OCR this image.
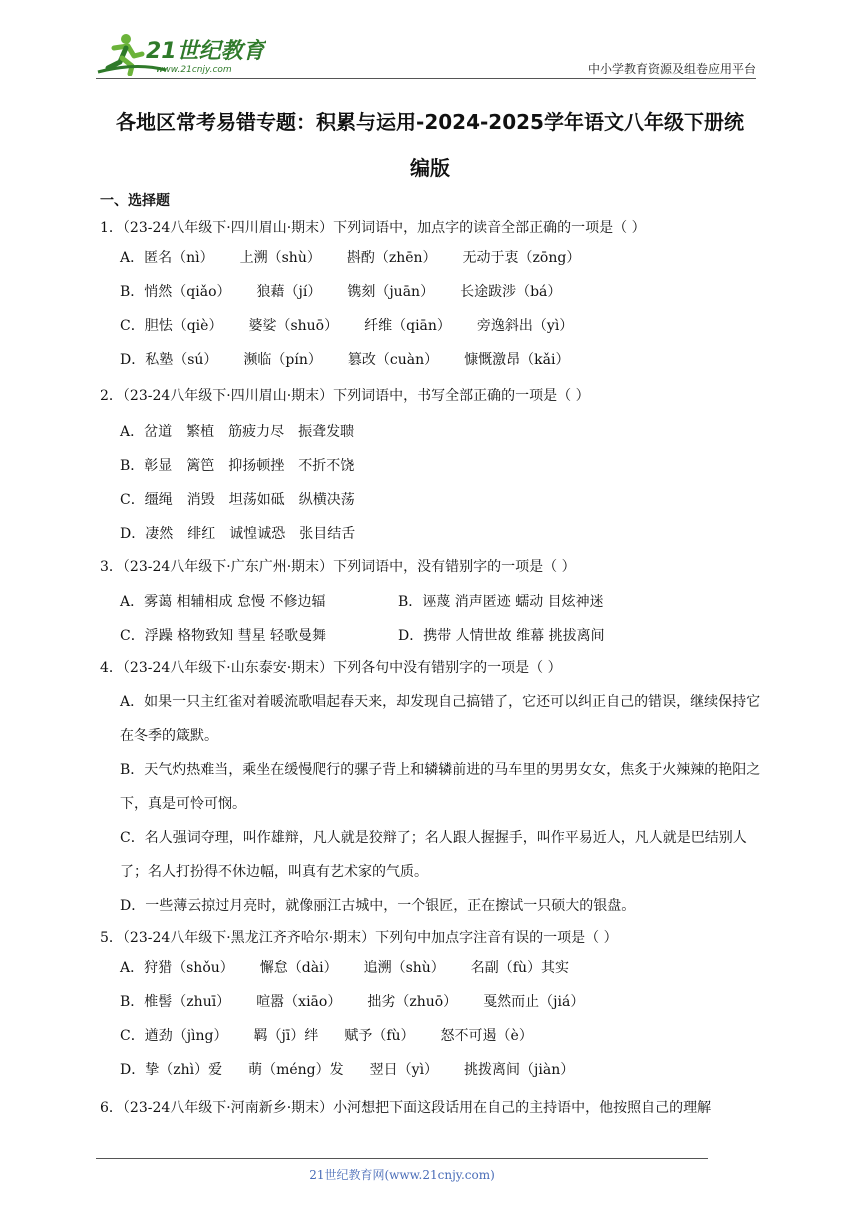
21世纪教育
www.21cnjy.com	中小学教育资源及组卷应用平台
各地区常考易错专题：积累与运用-2024-2025学年语文八年级下册统
编版
一、选择题
1．（23-24八年级下·四川眉山·期末）下列词语中，加点字的读音全部正确的一项是（ ）
A．匿名（nì） 上溯（shù） 斟酌（zhēn） 无动于衷（zōng）
B．悄然（qiǎo） 狼藉（jí） 镌刻（juān） 长途跋涉（bá）
C．胆怯（qiè） 婆娑（shuō） 纤维（qiān） 旁逸斜出（yì）
D．私塾（sú） 濒临（pín） 篡改（cuàn） 慷慨激昂（kǎi）
2．（23-24八年级下·四川眉山·期末）下列词语中，书写全部正确的一项是（ ）
A．岔道　繁植　筋疲力尽　振聋发聩
B．彰显　篱笆　抑扬顿挫　不折不饶
C．缰绳　消毁　坦荡如砥　纵横决荡
D．凄然　绯红　诚惶诚恐　张目结舌
3．（23-24八年级下·广东广州·期末）下列词语中，没有错别字的一项是（ ）
A．雾蔼 相辅相成 怠慢 不修边辐	B．诬蔑 消声匿迹 蠕动 目炫神迷
C．浮躁 格物致知 彗星 轻歌曼舞	D．携带 人情世故 维幕 挑拔离间
4．（23-24八年级下·山东泰安·期末）下列各句中没有错别字的一项是（ ）
A．如果一只主红雀对着暖流歌唱起春天来，却发现自己搞错了，它还可以纠正自己的错误，继续保持它在冬季的箴默。
B．天气灼热难当，乘坐在缓慢爬行的骡子背上和辚辚前进的马车里的男男女女，焦炙于火辣辣的艳阳之下，真是可怜可悯。
C．名人强词夺理，叫作雄辩，凡人就是狡辩了；名人跟人握握手，叫作平易近人，凡人就是巴结别人了；名人打扮得不休边幅，叫真有艺术家的气质。
D．一些薄云掠过月亮时，就像丽江古城中，一个银匠，正在擦试一只硕大的银盘。
5．（23-24八年级下·黑龙江齐齐哈尔·期末）下列句中加点字注音有误的一项是（ ）
A．狩猎（shǒu） 懈怠（dài） 追溯（shù） 名副（fù）其实
B．椎髻（zhuī） 喧嚣（xiāo） 拙劣（zhuō） 戛然而止（jiá）
C．遒劲（jìng） 羁（jī）绊 赋予（fù） 怒不可遏（è）
D．挚（zhì）爱 萌（méng）发 翌日（yì） 挑拨离间（jiàn）
6．（23-24八年级下·河南新乡·期末）小河想把下面这段话用在自己的主持语中，他按照自己的理解
21世纪教育网(www.21cnjy.com)
